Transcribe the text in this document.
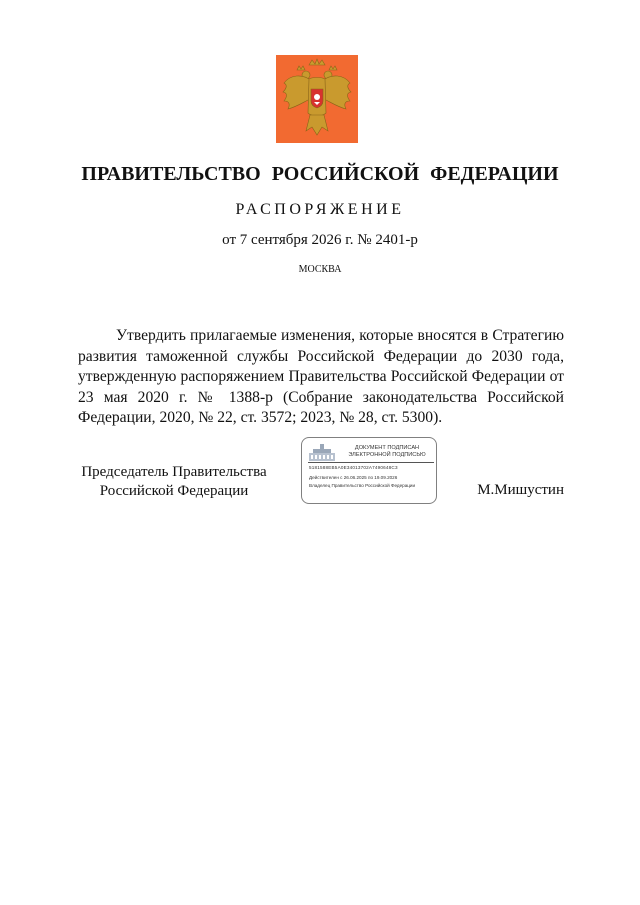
ПРАВИТЕЛЬСТВО РОССИЙСКОЙ ФЕДЕРАЦИИ
РАСПОРЯЖЕНИЕ
от 7 сентября 2026 г. № 2401-р
МОСКВА
Утвердить прилагаемые изменения, которые вносятся в Стратегию развития таможенной службы Российской Федерации до 2030 года, утвержденную распоряжением Правительства Российской Федерации от 23 мая 2020 г. № 1388-р (Собрание законодательства Российской Федерации, 2020, № 22, ст. 3572; 2023, № 28, ст. 5300).
Председатель Правительства
Российской Федерации
ДОКУМЕНТ ПОДПИСАН
ЭЛЕКТРОННОЙ ПОДПИСЬЮ
5181588EB5A0E34013702A7490648C3
Действителен с 26.06.2025 по 19.09.2026
Владелец Правительство Российской Федерации	М.Мишустин
